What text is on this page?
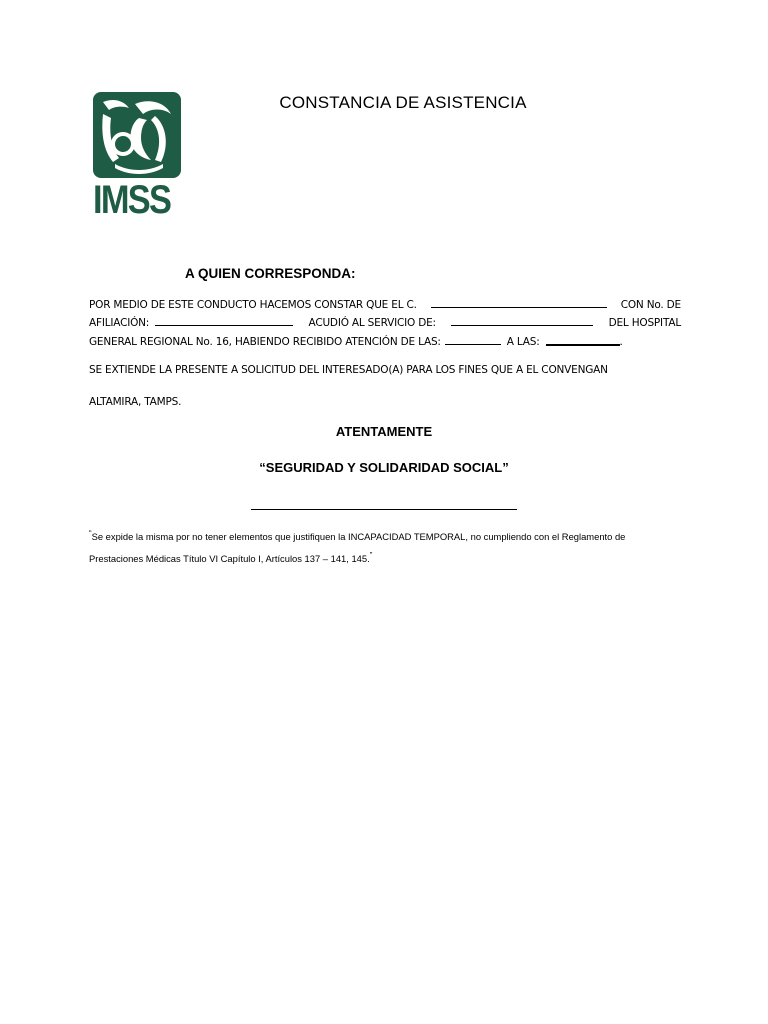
IMSS
CONSTANCIA DE ASISTENCIA
A QUIEN CORRESPONDA:
POR MEDIO DE ESTE CONDUCTO HACEMOS CONSTAR QUE EL C.	CON No. DE
AFILIACIÓN:	ACUDIÓ AL SERVICIO DE:	DEL HOSPITAL
GENERAL REGIONAL No. 16, HABIENDO RECIBIDO ATENCIÓN DE LAS:	A LAS:	.
SE EXTIENDE LA PRESENTE A SOLICITUD DEL INTERESADO(A) PARA LOS FINES QUE A EL CONVENGAN
ALTAMIRA, TAMPS.
ATENTAMENTE
“SEGURIDAD Y SOLIDARIDAD SOCIAL”
“Se expide la misma por no tener elementos que justifiquen la INCAPACIDAD TEMPORAL, no cumpliendo con el Reglamento de Prestaciones Médicas Título VI Capítulo I, Artículos 137 – 141, 145.”
